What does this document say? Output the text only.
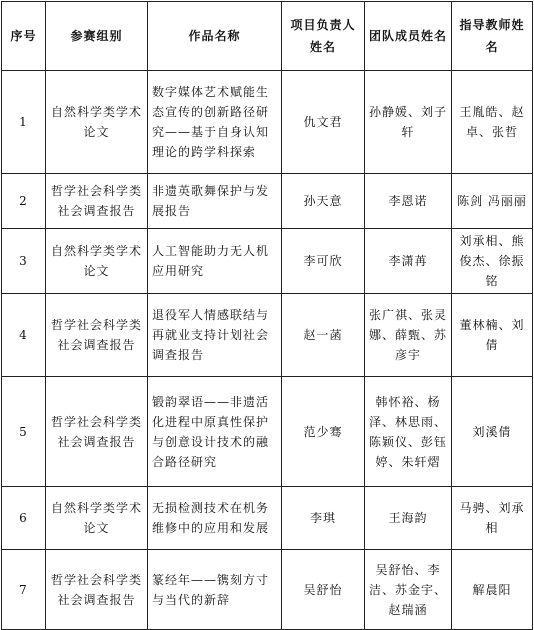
序号	参赛组别	作品名称	项目负责人姓名	团队成员姓名	指导教师姓名
1	自然科学类学术论文	数字媒体艺术赋能生态宣传的创新路径研究——基于自身认知理论的跨学科探索	仇文君	孙静媛、刘子轩	王胤皓、赵卓、张哲
2	哲学社会科学类社会调查报告	非遗英歌舞保护与发展报告	孙天意	李恩诺	陈剑 冯丽丽
3	自然科学类学术论文	人工智能助力无人机应用研究	李可欣	李潇苒	刘承相、熊俊杰、徐振铭
4	哲学社会科学类社会调查报告	退役军人情感联结与再就业支持计划社会调查报告	赵一菡	张广祺、张灵娜、薛甄、苏彦宇	董林楠、刘倩
5	哲学社会科学类社会调查报告	锻韵翠语——非遗活化进程中原真性保护与创意设计技术的融合路径研究	范少骞	韩怀裕、杨泽、林思雨、陈颖仪、彭钰婷、朱轩熠	刘溪倩
6	自然科学类学术论文	无损检测技术在机务维修中的应用和发展	李琪	王海韵	马骋、刘承相
7	哲学社会科学类社会调查报告	篆经年——镌刻方寸与当代的新辞	吴舒怡	吴舒怡、李洁、苏金宇、赵瑞涵	解晨阳
